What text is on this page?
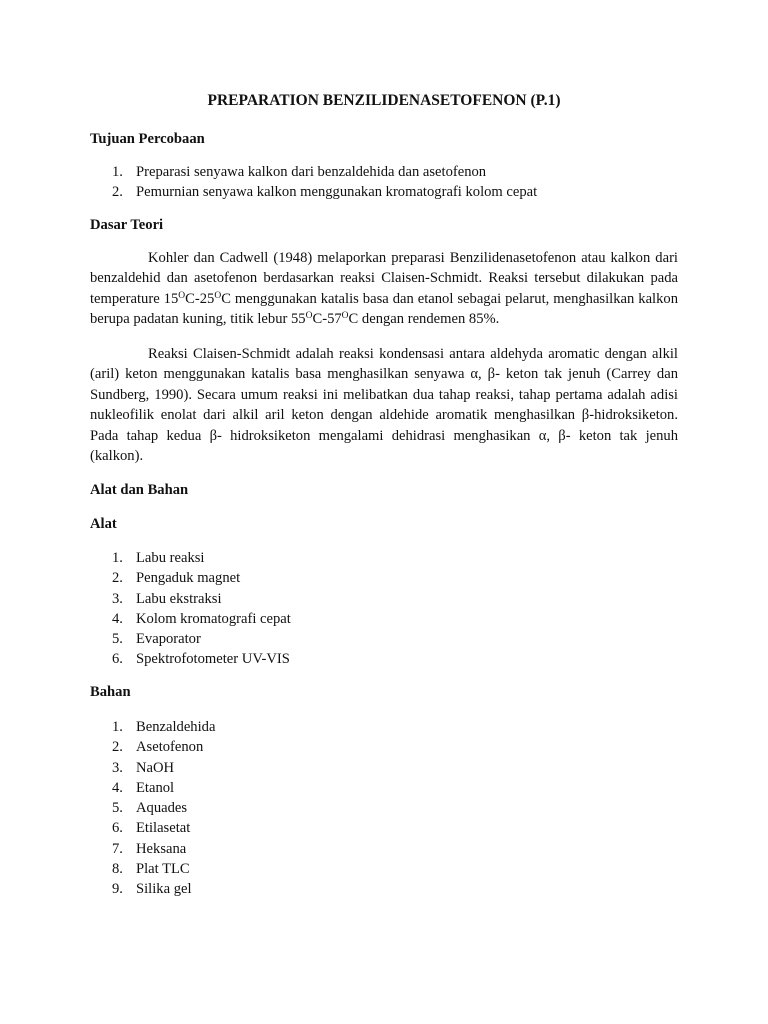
PREPARATION BENZILIDENASETOFENON (P.1)
Tujuan Percobaan
1. Preparasi senyawa kalkon dari benzaldehida dan asetofenon
2. Pemurnian senyawa kalkon menggunakan kromatografi kolom cepat
Dasar Teori

Kohler dan Cadwell (1948) melaporkan preparasi Benzilidenasetofenon atau kalkon dari benzaldehid dan asetofenon berdasarkan reaksi Claisen-Schmidt. Reaksi tersebut dilakukan pada temperature $15^OC-25^OC$ menggunakan katalis basa dan etanol sebagai pelarut, menghasilkan kalkon berupa padatan kuning, titik lebur $55^OC-57^OC$ dengan rendemen 85%.

Reaksi Claisen-Schmidt adalah reaksi kondensasi antara aldehyda aromatic dengan alkil (aril) keton menggunakan katalis basa menghasilkan senyawa α, β- keton tak jenuh (Carrey dan Sundberg, 1990). Secara umum reaksi ini melibatkan dua tahap reaksi, tahap pertama adalah adisi nukleofilik enolat dari alkil aril keton dengan aldehide aromatik menghasilkan β-hidroksiketon. Pada tahap kedua β- hidroksiketon mengalami dehidrasi menghasikan α, β- keton tak jenuh (kalkon).

Alat dan Bahan
Alat
1. Labu reaksi
2. Pengaduk magnet
3. Labu ekstraksi
4. Kolom kromatografi cepat
5. Evaporator
6. Spektrofotometer UV-VIS
Bahan
1. Benzaldehida
2. Asetofenon
3. NaOH
4. Etanol
5. Aquades
6. Etilasetat
7. Heksana
8. Plat TLC
9. Silika gel
